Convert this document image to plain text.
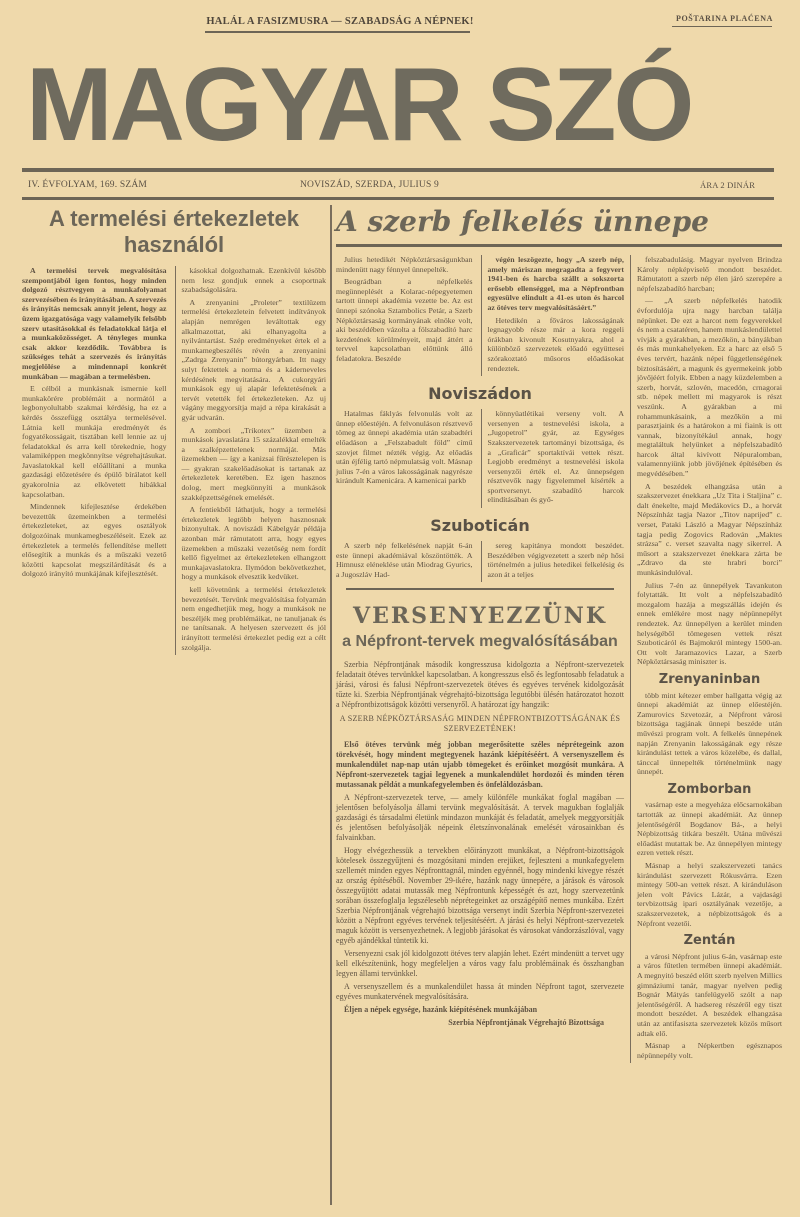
HALÁL A FASIZMUSRA — SZABADSÁG A NÉPNEK!	POŠTARINA PLAĆENA
MAGYAR SZÓ
IV. ÉVFOLYAM, 169. SZÁM	NOVISZÁD, SZERDA, JULIUS 9	ÁRA 2 DINÁR
A termelési értekezletek
használól

A termelési tervek megvalósítása szempontjából igen fontos, hogy minden dolgozó résztvegyen a munkafolyamat szervezésében és irányításában. A szervezés és irányítás nemcsak annyit jelent, hogy az üzem igazgatósága vagy valamelyik felsőbb szerv utasításokkal és feladatokkal látja el a munkaközösséget. A tényleges munka csak akkor kezdődik. Továbbra is szükséges tehát a szervezés és irányítás megjelölése a mindennapi konkrét munkában — magában a termelésben.

E célból a munkásnak ismernie kell munkakörére problémáit a normától a legbonyolultabb szakmai kérdésig, ha ez a kérdés összefügg osztálya termelésével. Látnia kell munkája eredményét és fogyatékosságait, tisztában kell lennie az uj feladatokkal és arra kell törekednie, hogy valamiképpen megkönnyítse végrehajtásukat. Javaslatokkal kell előállítani a munka gazdasági előzetésére és épülő bírálatot kell gyakorolnia az elkövetett hibákkal kapcsolatban.

Mindennek kifejlesztése érdekében bevezettük üzemeinkben a termelési értekezleteket, az egyes osztályok dolgozóinak munkamegbeszéléseit. Ezek az értekezletek a termelés fellendítése mellett elősegítik a munkás és a műszaki vezető közötti kapcsolat megszilárdítását és a dolgozó irányító munkájának kifejlesztését.

kásokkal dolgozhatnak. Ezenkívül később nem lesz gondjuk ennek a csoportnak szabadságolására.

A zrenyanini „Proleter” textilüzem termelési értekezletein felvetett indítványok alapján nemrégen leváltottak egy alkalmazottat, aki elhanyagolta a nyilvántartást. Szép eredményeket értek el a munkamegbeszélés révén a zrenyanini „Zadrga Zrenyanin” bútorgyárban. Itt nagy sulyt fektettek a norma és a káderneveles kérdésének megvitatására. A cukorgyári munkások egy uj alapár lefektetésének a tervét vetették fel értekezleteken. Az uj vágány meggyorsítja majd a répa kirakását a gyár udvarán.

A zombori „Trikotex” üzemben a munkások javaslatára 15 százalékkal emelték a szalképzettelenek normáját. Más üzemekben — így a kanizsai fűrésztelepen is — gyakran szakelőadásokat is tartanak az értekezletek keretében. Ez igen hasznos dolog, mert megkönnyíti a munkások szakképzettségének emelését.

A fentiekből láthatjuk, hogy a termelési értekezletek legtöbb helyen hasznosnak bizonyultak. A noviszádi Kábelgyár példája azonban már rámutatott arra, hogy egyes üzemekben a műszaki vezetőség nem fordít kellő figyelmet az értekezleteken elhangzott munkajavaslatokra. Ilymódon bekövetkezhet, hogy a munkások elvesztik kedvüket.

kell követnünk a termelési értekezletek bevezetését. Tervünk megvalósítása folyamán nem engedhetjük meg, hogy a munkások ne beszéljék meg problémáikat, ne tanuljanak és ne tanítsanak. A helyesen szervezett és jól irányított termelési értekezlet pedig ezt a célt szolgálja.

A szerb felkelés ünnepe

Julius hetedikét Népköztársaságunkban mindenütt nagy fénnyel ünnepelték.

Beográdban a népfelkelés megünneplését a Kolarac-népegyetemen tartott ünnepi akadémia vezette be. Az est ünnepi szónoka Sztambolics Petár, a Szerb Népköztársaság kormányának elnöke volt, aki beszédében vázolta a fölszabadító harc kezdetének körülményeit, majd áttért a tervvel kapcsolatban előttünk álló feladatokra. Beszéde

végén leszögezte, hogy „A szerb nép, amely máriszan megragadta a fegyvert 1941-ben és harcba szállt a sokszorta erősebb ellenséggel, ma a Népfrontban egyesülve elindult a 41-es uton és harcol az ötéves terv megvalósításáért.”

Hetedikén a főváros lakosságának legnagyobb része már a kora reggeli órákban kivonult Kosutnyakra, ahol a különböző szervezetek előadó együttesei szórakoztató műsoros előadásokat rendeztek.

Noviszádon

Hatalmas fáklyás felvonulás volt az ünnep előestéjén. A felvonuláson résztvevő tömeg az ünnepi akadémia után szabadtéri előadáson a „Felszabadult föld” című szovjet filmet nézték végig. Az előadás után éjfélig tartó népmulatság volt. Másnap julius 7-én a város lakosságának nagyrésze kirándult Kamenicára. A kamenicai parkb

könnyüatlétikai verseny volt. A versenyen a testnevelési iskola, a „Jugopetrol” gyár, az Egységes Szakszervezetek tartományi bizottsága, és a „Graficár” sportaktívái vettek részt. Legjobb eredményt a testnevelési iskola versenyzői érték el. Az ünnepségen résztvevők nagy figyelemmel kísérték a sportversenyt. szabadító harcok elindításában és győ-

Szuboticán

A szerb nép felkelésének napját 6-án este ünnepi akadémiával köszöntötték. A Himnusz eléneklése után Miodrag Gyurics, a Jugoszláv Had-

sereg kapitánya mondott beszédet. Beszédében végigvezetett a szerb nép hősi történelmén a julius hetedikei felkelésig és azon át a teljes

VERSENYEZZÜNK
a Népfront-tervek megvalósításában

Szerbia Népfrontjának második kongresszusa kidolgozta a Népfront-szervezetek feladatait ötéves tervünkkel kapcsolatban. A kongresszus első és legfontosabb feladatuk a járási, városi és falusi Népfront-szervezetek ötéves és egyéves tervének kidolgozását tűzte ki. Szerbia Népfrontjának végrehajtó-bizottsága legutóbbi ülésén határozatot hozott a Népfrontbizottságok közötti versenyről. A határozat így hangzik:

A SZERB NÉPKÖZTÁRSASÁG MINDEN NÉPFRONTBIZOTTSÁGÁNAK ÉS SZERVEZETÉNEK!

Első ötéves tervünk még jobban megerősítette széles néprétegeink azon törekvését, hogy mindent megtegyenek hazánk kiépítéséért. A versenyszellem és munkalendület nap-nap után ujabb tömegeket és erőinket mozgósít munkára. A Népfront-szervezetek tagjai legyenek a munkalendület hordozói és minden téren mutassanak példát a munkafegyelemben és önfeláldozásban.

A Népfront-szervezetek terve, — amely különféle munkákat foglal magában — jelentősen befolyásolja állami tervünk megvalósítását. A tervek magukban foglalják gazdasági és társadalmi életünk mindazon munkáját és feladatát, amelyek meggyorsítják és jelentősen befolyásolják népeink életszínvonalának emelését városainkban és falvainkban.

Hogy elvégezhessük a tervekben előirányzott munkákat, a Népfront-bizottságok kötelesek összegyűjteni és mozgósítani minden erejüket, fejleszteni a munkafegyelem szellemét minden egyes Népfronttagnál, minden egyénnél, hogy mindenki kivegye részét az ország építéséből. November 29-ikére, hazánk nagy ünnepére, a járások és városok összegyűjtött adatai mutassák meg Népfrontunk képességét és azt, hogy szervezetünk sorában összefoglalja legszélesebb néprétegeinket az országépítő nemes munkába. Ezért Szerbia Népfrontjának végrehajtó bizottsága versenyt indít Szerbia Népfront-szervezetei között a Népfront egyéves tervének teljesítéséért. A járási és helyi Népfront-szervezetek maguk között is versenyezhetnek. A legjobb járásokat és városokat vándorzászlóval, vagy egyéb ajándékkal tüntetik ki.

Versenyezni csak jól kidolgozott ötéves terv alapján lehet. Ezért mindenütt a tervet ugy kell elkészítenünk, hogy megfeleljen a város vagy falu problémáinak és összhangban legyen állami tervünkkel.

A versenyszellem és a munkalendület hassa át minden Népfront tagot, szervezete egyéves munkatervének megvalósítására.

Éljen a népek egysége, hazánk kiépítésének munkájában

Szerbia Népfrontjának Végrehajtó Bizottsága

felszabadulásig. Magyar nyelven Brindza Károly népképviselő mondott beszédet. Rámutatott a szerb nép élen járó szerepére a népfelszabadító harcban;

— „A szerb népfelkelés hatodik évfordulója ujra nagy harcban találja népünket. De ezt a harcot nem fegyverekkel és nem a csatatéren, hanem munkáslendülettel vívják a gyárakban, a mezőkön, a bányákban és más munkahelyeken. Ez a harc az első 5 éves tervért, hazánk népei függetlenségének biztosításáért, a magunk és gyermekeink jobb jövőjéért folyik. Ebben a nagy küzdelemben a szerb, horvát, szlovén, macedón, crnagorai stb. népek mellett mi magyarok is részt veszünk. A gyárakban a mi rohammunkásaink, a mezőkön a mi parasztjaink és a határokon a mi fiaink is ott vannak, bizonyítékául annak, hogy megtaláltuk helyünket a népfelszabadító harcok által kivívott Népuralomban, valamennyiünk jobb jövőjének építésében és megvédésében.”

A beszédek elhangzása után a szakszervezet énekkara „Uz Tita i Staljina” c. dalt énekelte, majd Medákovics D., a horvát Népszínház tagja Nazor „Titov naprijed” c. verset, Pataki László a Magyar Népszínház tagja pedig Zogovics Radován „Maktes strázsa” c. verset szavalta nagy sikerrel. A műsort a szakszervezet énekkara zárta be „Zdravo da ste hrabri borci” munkásindulóval.

Julius 7-én az ünnepélyek Tavankuton folytatták. Itt volt a népfelszabadító mozgalom hazája a megszállás idején és ennek emlékére most nagy népünnepélyt rendeztek. Az ünnepélyen a kerület minden helységéből tömegesen vettek részt Szuboticáról és Bajmokról mintegy 1500-an. Ott volt Jaramazovics Lazar, a Szerb Népköztársaság miniszter is.

Zrenyaninban

több mint kétezer ember hallgatta végig az ünnepi akadémiát az ünnep előestéjén. Zamurovics Szvetozár, a Népfront városi bizottsága tagjának ünnepi beszéde után művészi program volt. A felkelés ünnepének napján Zrenyanin lakosságának egy része kirándulást tettek a város közelébe, és dallal, tánccal ünnepelték történelmünk nagy ünnepét.

Zomborban

vasárnap este a megyeháza előcsarnokában tartották az ünnepi akadémiát. Az ünnep jelentőségéről Bogdanov Bá-, a helyi Népbizottság titkára beszélt. Utána művészi előadást mutattak be. Az ünnepélyen mintegy ezren vettek részt.

Másnap a helyi szakszervezeti tanács kirándulást szervezett Rókusvárra. Ezen mintegy 500-an vettek részt. A kiránduláson jelen volt Pávics Lázár, a vajdasági tervbizottság ipari osztályának vezetője, a szakszervezetek, a népbizottságok és a Népfront vezetői.

Zentán

a városi Népfront julius 6-án, vasárnap este a város fűtetlen termében ünnepi akadémiát. A megnyitó beszéd előtt szerb nyelven Millics gimnáziumi tanár, magyar nyelven pedig Bognár Mátyás tanfelügyelő szólt a nap jelentőségéről. A hadsereg részéről egy tiszt mondott beszédet. A beszédek elhangzása után az antifasiszta szervezetek közös műsort adtak elő.

Másnap a Népkertben egésznapos népünnepély volt.
